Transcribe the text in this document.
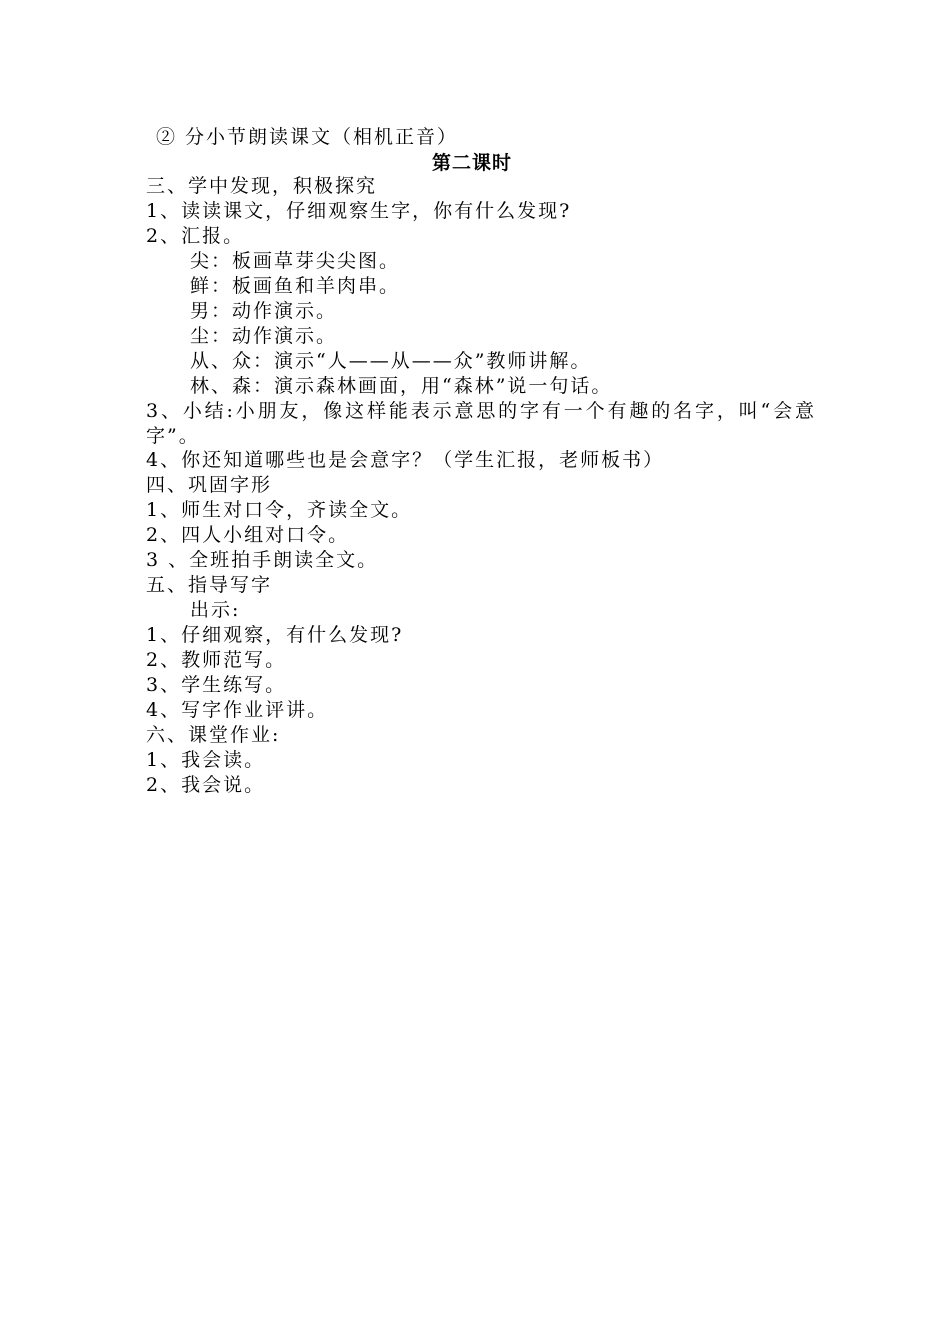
② 分小节朗读课文（相机正音）
第二课时
三、学中发现，积极探究
1、读读课文，仔细观察生字，你有什么发现?
2、汇报。
尖：板画草芽尖尖图。
鲜：板画鱼和羊肉串。
男：动作演示。
尘：动作演示。
从、众：演示“人——从——众”教师讲解。
林、森：演示森林画面，用“森林”说一句话。
3、小结:小朋友，像这样能表示意思的字有一个有趣的名字，叫“会意字”。
4、你还知道哪些也是会意字？（学生汇报，老师板书）
四、巩固字形
1、师生对口令，齐读全文。
2、四人小组对口令。
3 、全班拍手朗读全文。
五、指导写字
出示:
1、仔细观察，有什么发现?
2、教师范写。
3、学生练写。
4、写字作业评讲。
六、课堂作业:
1、我会读。
2、我会说。
